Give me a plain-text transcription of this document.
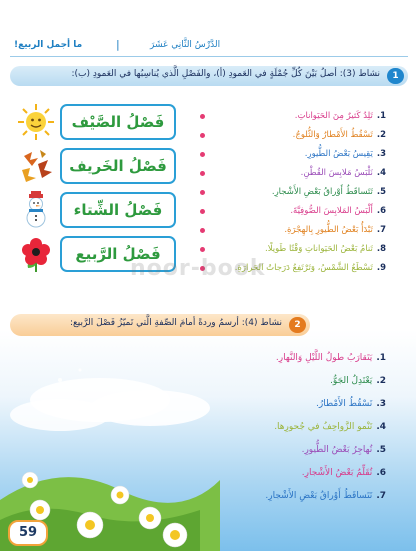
الدَّرْسُ الثَّانِي عَشَرَ
|
ما أجمل الربيع!
نشاط (3): أصلُ بَيْنَ كُلِّ جُمْلَةٍ في العَمودِ (أ)، والفَصْلِ الَّذي يُناسِبُها في العَمودِ (ب):	1
فَصْلُ الصَّيْف
فَصْلُ الخَريف
فَصْلُ الشِّتاء
فَصْلُ الرَّبيع
1.تَلِدُ كَثيرٌ مِنَ الحَيَواناتِ.
2.تَسْقُطُ الأَمْطارُ وَالثُّلوجُ.
3.يَقِيسُ بَعْضُ الطُّيورِ.
4.نَلْبَسُ مَلابِسَ القُطْنِ.
5.تَتَساقَطُ أَوْراقُ بَعْضِ الأَشْجارِ.
6.أَلْبَسُ المَلابِسَ الصُّوفِيَّةَ.
7.تَبْدَأُ بَعْضُ الطُّيورِ بِالهِجْرَةِ.
8.تَنامُ بَعْضُ الحَيَواناتِ وَقْتًا طَويلًا.
9.تَسْطَعُ الشَّمْسُ، وَتَرْتَفِعُ دَرَجاتُ الحَرارَةِ.
noor-book
نشاط (4): أرسمُ وردةً أمامَ الصِّفةِ الَّتي تَميّزُ فَصْلَ الرَّبيع:	2
1.يَتَقارَبُ طولُ اللَّيْلِ وَالنَّهارِ.
2.يَعْتَدِلُ الجَوُّ.
3.تَسْقُطُ الأَمْطارُ.
4.تَنْمو الزَّواحِفُ في جُحورِها.
5.تُهاجِرُ بَعْضُ الطُّيورِ.
6.تُقَلِّمُ بَعْضُ الأَشْجارِ.
7.تَتَساقَطُ أَوْراقُ بَعْضِ الأَشْجارِ.
59
